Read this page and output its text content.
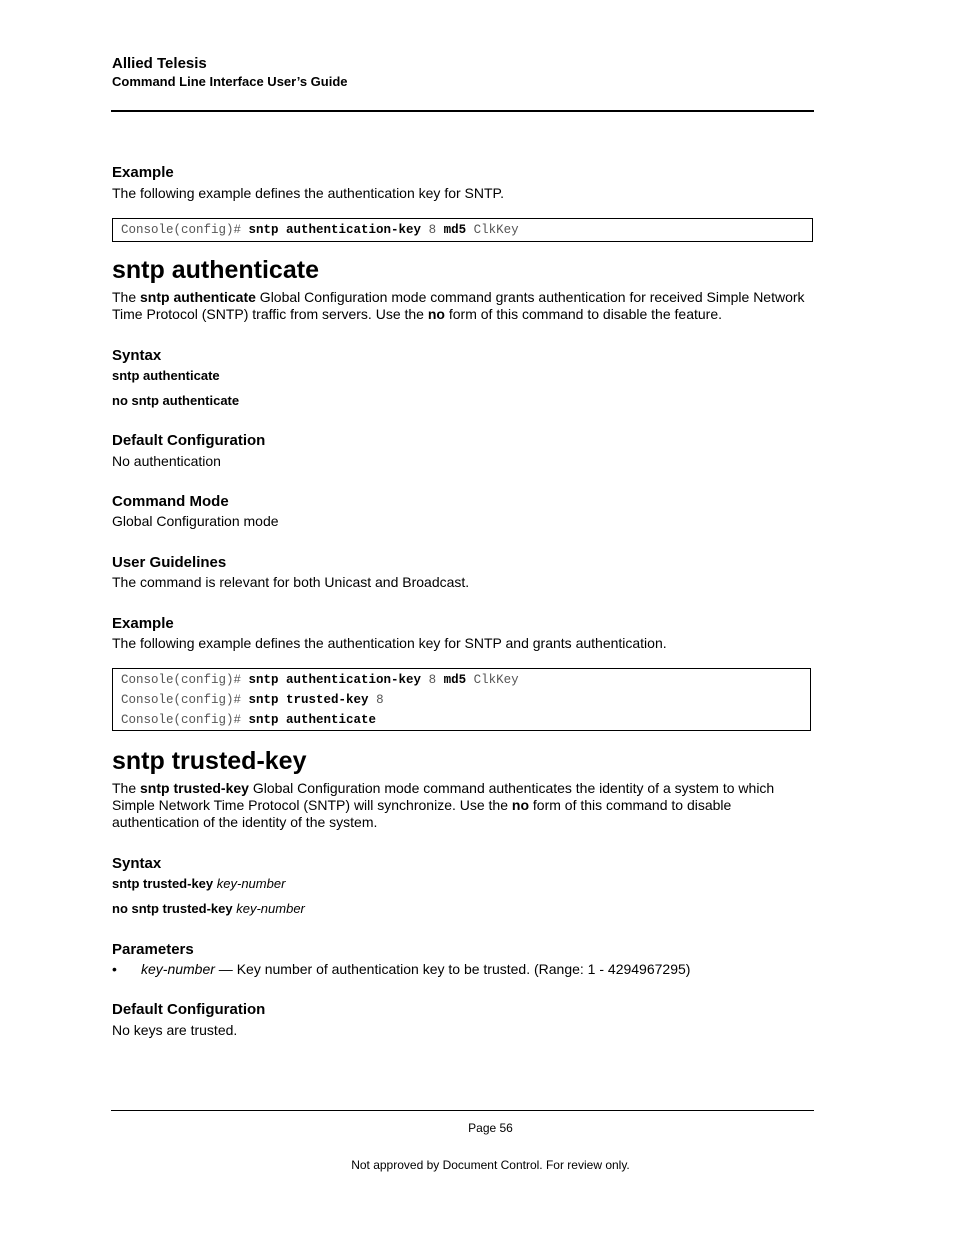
Allied Telesis
Command Line Interface User’s Guide
Example
The following example defines the authentication key for SNTP.
Console(config)# sntp authentication-key 8 md5 ClkKey
sntp authenticate
The sntp authenticate Global Configuration mode command grants authentication for received Simple Network Time Protocol (SNTP) traffic from servers. Use the no form of this command to disable the feature.
Syntax
sntp authenticate
no sntp authenticate
Default Configuration
No authentication
Command Mode
Global Configuration mode
User Guidelines
The command is relevant for both Unicast and Broadcast.
Example
The following example defines the authentication key for SNTP and grants authentication.
Console(config)# sntp authentication-key 8 md5 ClkKey
Console(config)# sntp trusted-key 8
Console(config)# sntp authenticate
sntp trusted-key
The sntp trusted-key Global Configuration mode command authenticates the identity of a system to which Simple Network Time Protocol (SNTP) will synchronize. Use the no form of this command to disable authentication of the identity of the system.
Syntax
sntp trusted-key key-number
no sntp trusted-key key-number
Parameters
• key-number — Key number of authentication key to be trusted. (Range: 1 - 4294967295)
Default Configuration
No keys are trusted.
Page 56
Not approved by Document Control. For review only.
